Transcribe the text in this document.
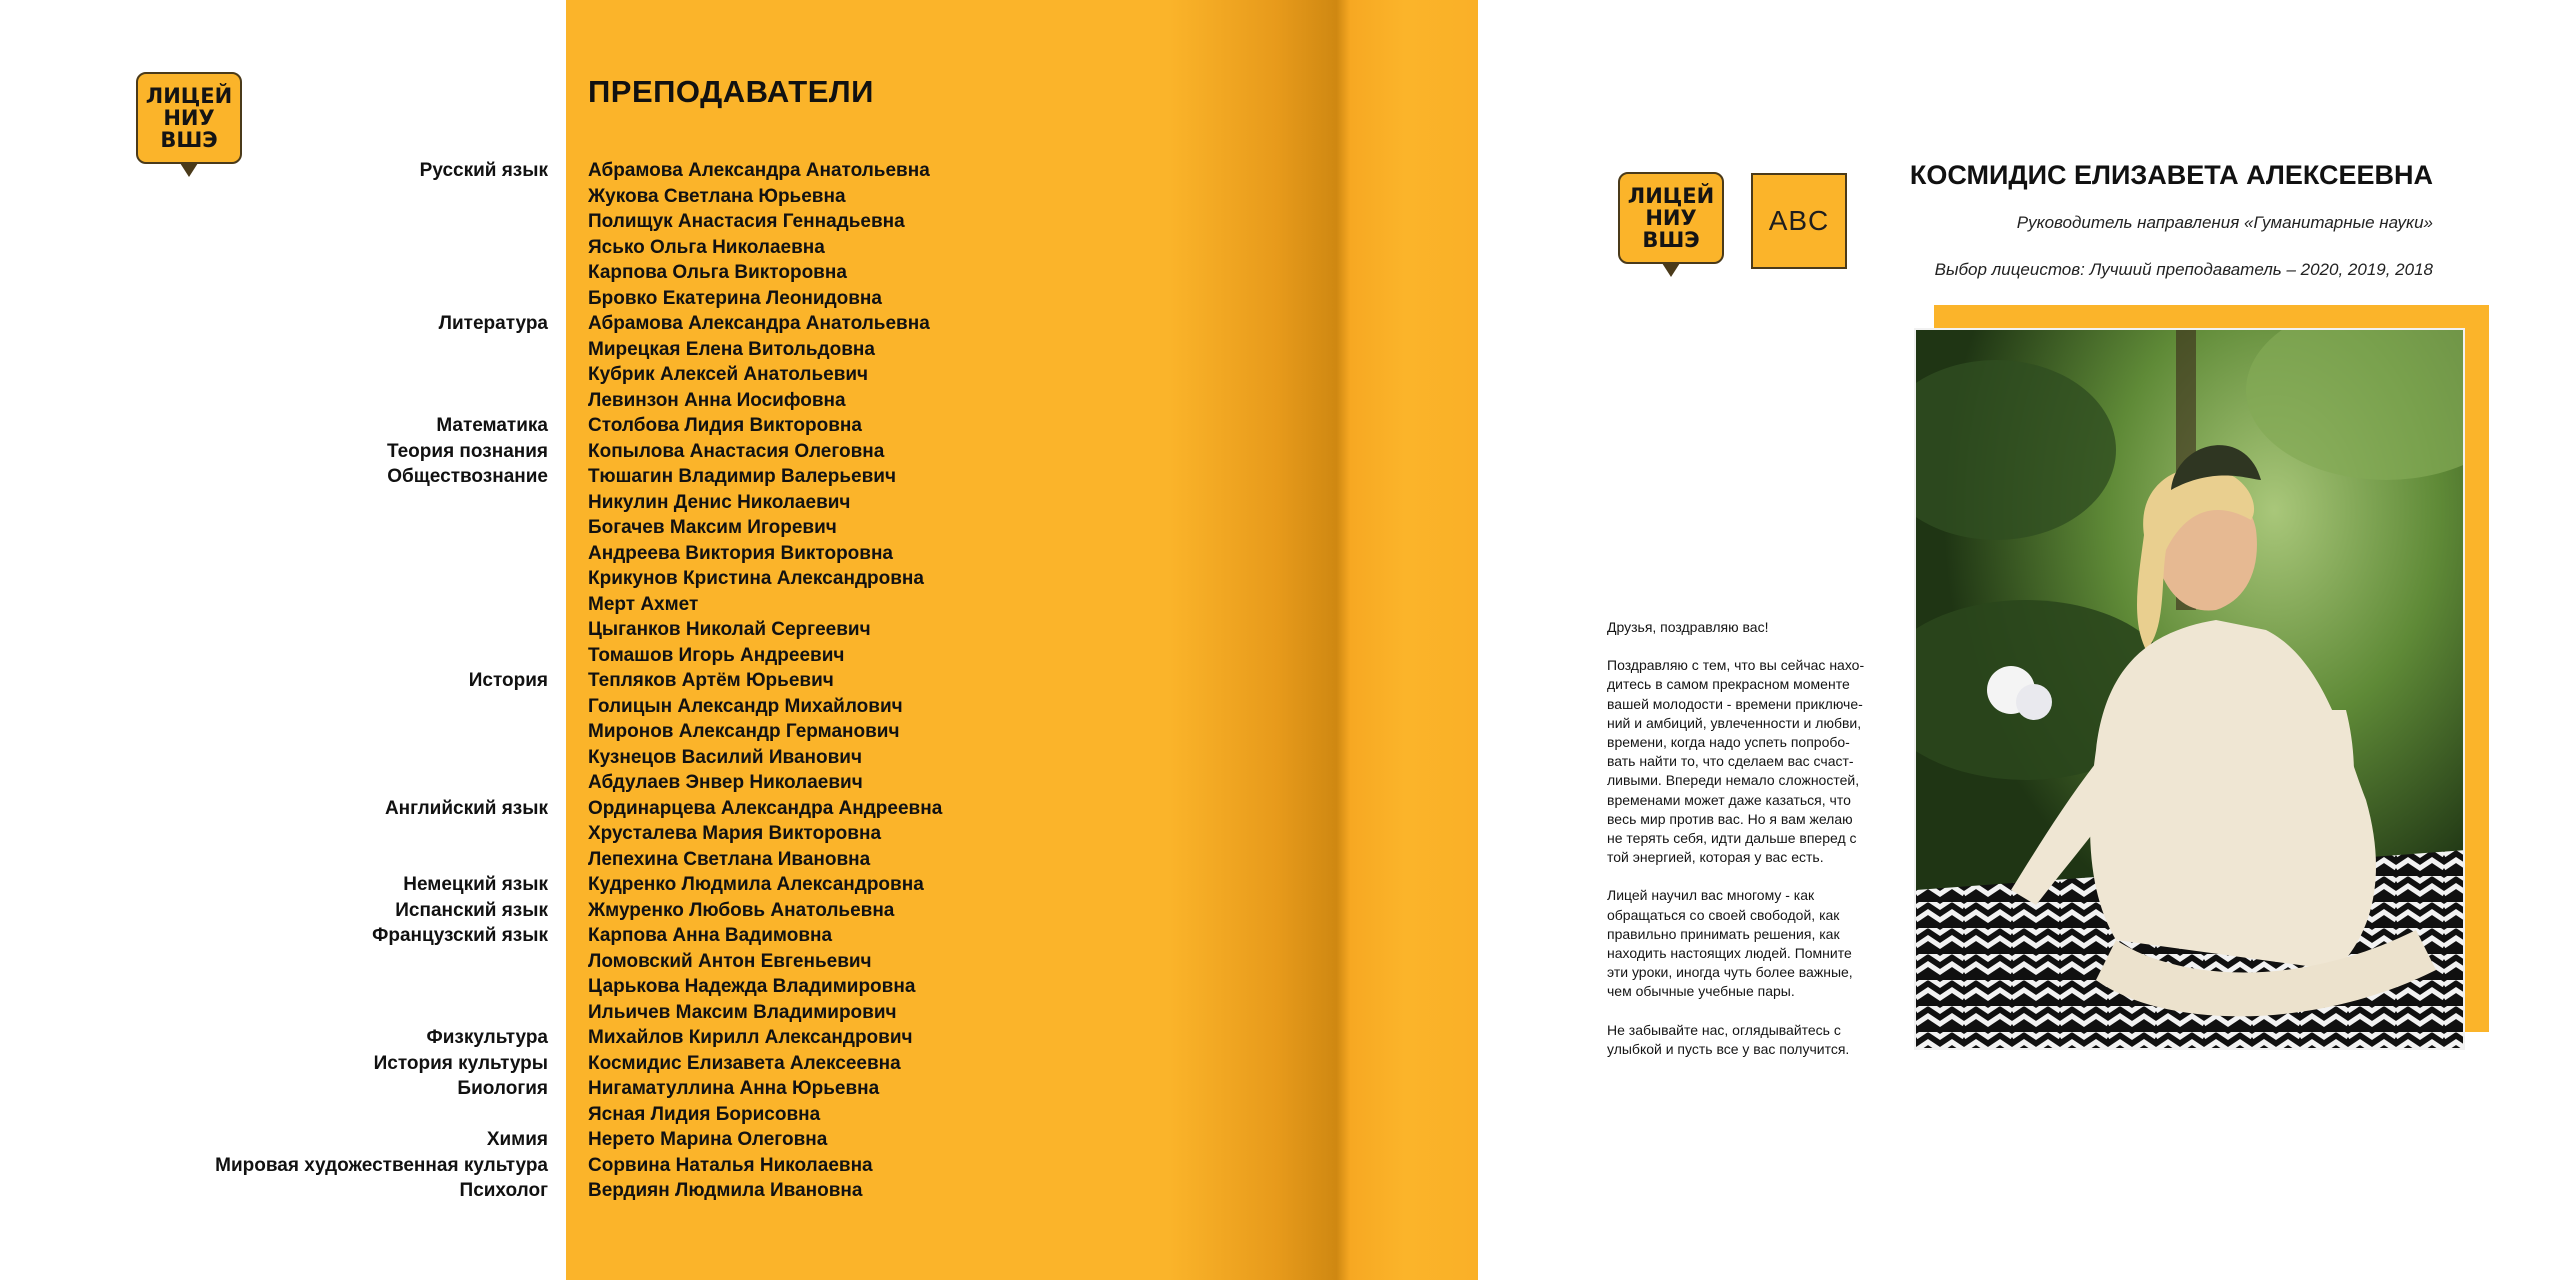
ЛИЦЕЙ
НИУ
ВШЭ
Русский язык
Литература
Математика
Теория познания
Обществознание
История
Английский язык
Немецкий язык
Испанский язык
Французский язык
Физкультура
История культуры
Биология
Химия
Мировая художественная культура
Психолог
ПРЕПОДАВАТЕЛИ
Абрамова Александра Анатольевна
Жукова Светлана Юрьевна
Полищук Анастасия Геннадьевна
Ясько Ольга Николаевна
Карпова Ольга Викторовна
Бровко Екатерина Леонидовна
Абрамова Александра Анатольевна
Мирецкая Елена Витольдовна
Кубрик Алексей Анатольевич
Левинзон Анна Иосифовна
Столбова Лидия Викторовна
Копылова Анастасия Олеговна
Тюшагин Владимир Валерьевич
Никулин Денис Николаевич
Богачев Максим Игоревич
Андреева Виктория Викторовна
Крикунов Кристина Александровна
Мерт Ахмет
Цыганков Николай Сергеевич
Томашов Игорь Андреевич
Тепляков Артём Юрьевич
Голицын Александр Михайлович
Миронов Александр Германович
Кузнецов Василий Иванович
Абдулаев Энвер Николаевич
Ординарцева Александра Андреевна
Хрусталева Мария Викторовна
Лепехина Светлана Ивановна
Кудренко Людмила Александровна
Жмуренко Любовь Анатольевна
Карпова Анна Вадимовна
Ломовский Антон Евгеньевич
Царькова Надежда Владимировна
Ильичев Максим Владимирович
Михайлов Кирилл Александрович
Космидис Елизавета Алексеевна
Нигаматуллина Анна Юрьевна
Ясная Лидия Борисовна
Нерето Марина Олеговна
Сорвина Наталья Николаевна
Вердиян Людмила Ивановна
ЛИЦЕЙ
НИУ
ВШЭ
ABC
КОСМИДИС ЕЛИЗАВЕТА АЛЕКСЕЕВНА
Руководитель направления «Гуманитарные науки»
Выбор лицеистов: Лучший преподаватель – 2020, 2019, 2018

Друзья, поздравляю вас!

Поздравляю с тем, что вы сейчас нахо-
дитесь в самом прекрасном моменте
вашей молодости - времени приключе-
ний и амбиций, увлеченности и любви,
времени, когда надо успеть попробо-
вать найти то, что сделаем вас счаст-
ливыми. Впереди немало сложностей,
временами может даже казаться, что
весь мир против вас. Но я вам желаю
не терять себя, идти дальше вперед с
той энергией, которая у вас есть.

Лицей научил вас многому - как
обращаться со своей свободой, как
правильно принимать решения, как
находить настоящих людей. Помните
эти уроки, иногда чуть более важные,
чем обычные учебные пары.

Не забывайте нас, оглядывайтесь с
улыбкой и пусть все у вас получится.
